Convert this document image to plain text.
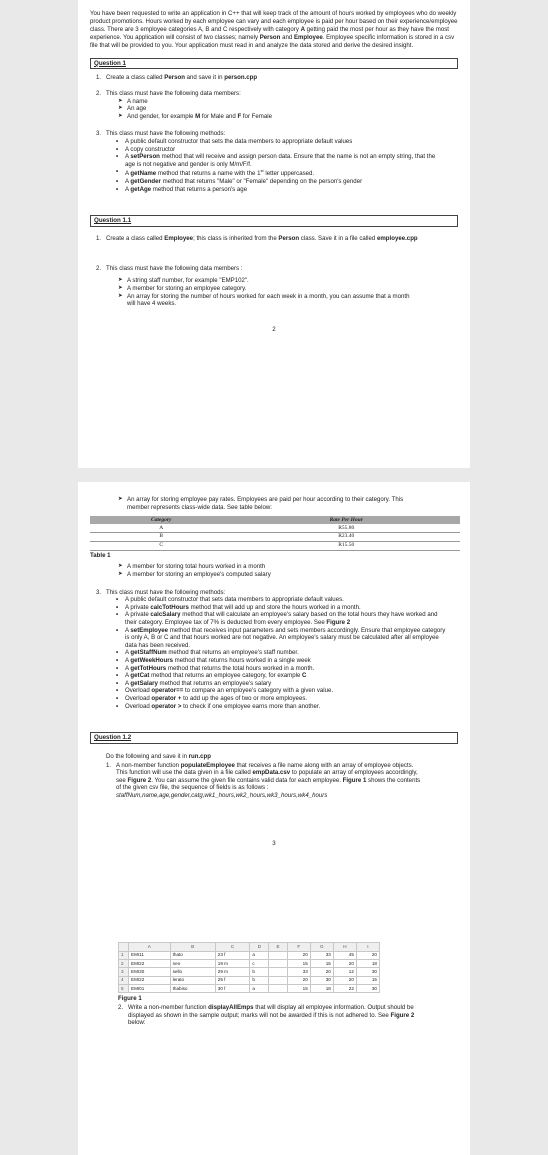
You have been requested to write an application in C++ that will keep track of the amount of hours worked by employees who do weekly product promotions. Hours worked by each employee can vary and each employee is paid per hour based on their experience/employee class. There are 3 employee categories A, B and C respectively with category A getting paid the most per hour as they have the most experience. You application will consist of two classes; namely Person and Employee. Employee specific information is stored in a csv file that will be provided to you. Your application must read in and analyze the data stored and derive the desired insight.

Question 1
1. Create a class called Person and save it in person.cpp
2. This class must have the following data members:
➤ A name
➤ An age
➤ And gender, for example M for Male and F for Female
3. This class must have the following methods:
•	A public default constructor that sets the data members to appropriate default values
•	A copy constructor
•	A setPerson method that will receive and assign person data. Ensure that the name is not an empty string, that the age is not negative and gender is only M/m/F/f.
•	A getName method that returns a name with the 1st letter uppercased.
•	A getGender method that returns "Male" or "Female" depending on the person's gender
•	A getAge method that returns a person's age
Question 1.1
1. Create a class called Employee; this class is inherited from the Person class. Save it in a file called employee.cpp
2. This class must have the following data members :
➤ A string staff number, for example "EMP102".
➤ A member for storing an employee category.
➤ An array for storing the number of hours worked for each week in a month, you can assume that a month will have 4 weeks.

2

➤ An array for storing employee pay rates. Employees are paid per hour according to their category. This member represents class-wide data. See table below:
Category	Rate Per Hour
A	R55.80
B	R23.40
C	R15.50

Table 1

➤ A member for storing total hours worked in a month
➤ A member for storing an employee's computed salary
3. This class must have the following methods:
•	A public default constructor that sets data members to appropriate default values.
•	A private calcTotHours method that will add up and store the hours worked in a month.
•	A private calcSalary method that will calculate an employee's salary based on the total hours they have worked and their category. Employee tax of 7% is deducted from every employee. See Figure 2
•	A setEmployee method that receives input parameters and sets members accordingly. Ensure that employee category is only A, B or C and that hours worked are not negative. An employee's salary must be calculated after all employee data has been received.
•	A getStaffNum method that returns an employee's staff number.
•	A getWeekHours method that returns hours worked in a single week
•	A getTotHours method that returns the total hours worked in a month.
•	A getCat method that returns an employee category, for example C
•	A getSalary method that returns an employee's salary
•	Overload operator== to compare an employee's category with a given value.
•	Overload operator + to add up the ages of two or more employees.
•	Overload operator > to check if one employee earns more than another.
Question 1.2

Do the following and save it in run.cpp

1. A non-member function populateEmployee that receives a file name along with an array of employee objects. This function will use the data given in a file called empData.csv to populate an array of employees accordingly, see Figure 2. You can assume the given file contains valid data for each employee. Figure 1 shows the contents of the given csv file, the sequence of fields is as follows :
staffNum,name,age,gender,catg,wk1_hours,wk2_hours,wk3_hours,wk4_hours

3

	A	B	C	D	E	F	G	H	I
1	EMI11	thato	23 f	a		20	33	45	20
2	EMI22	neo	19 m	c		15	15	20	18
3	EMI30	sello	29 m	b		33	20	12	30
4	EMI22	lerato	25 f	b		20	30	20	15
5	EMI01	thabiso	30 f	a		15	18	22	30

Figure 1

2. Write a non-member function displayAllEmps that will display all employee information. Output should be displayed as shown in the sample output; marks will not be awarded if this is not adhered to. See Figure 2 below:
